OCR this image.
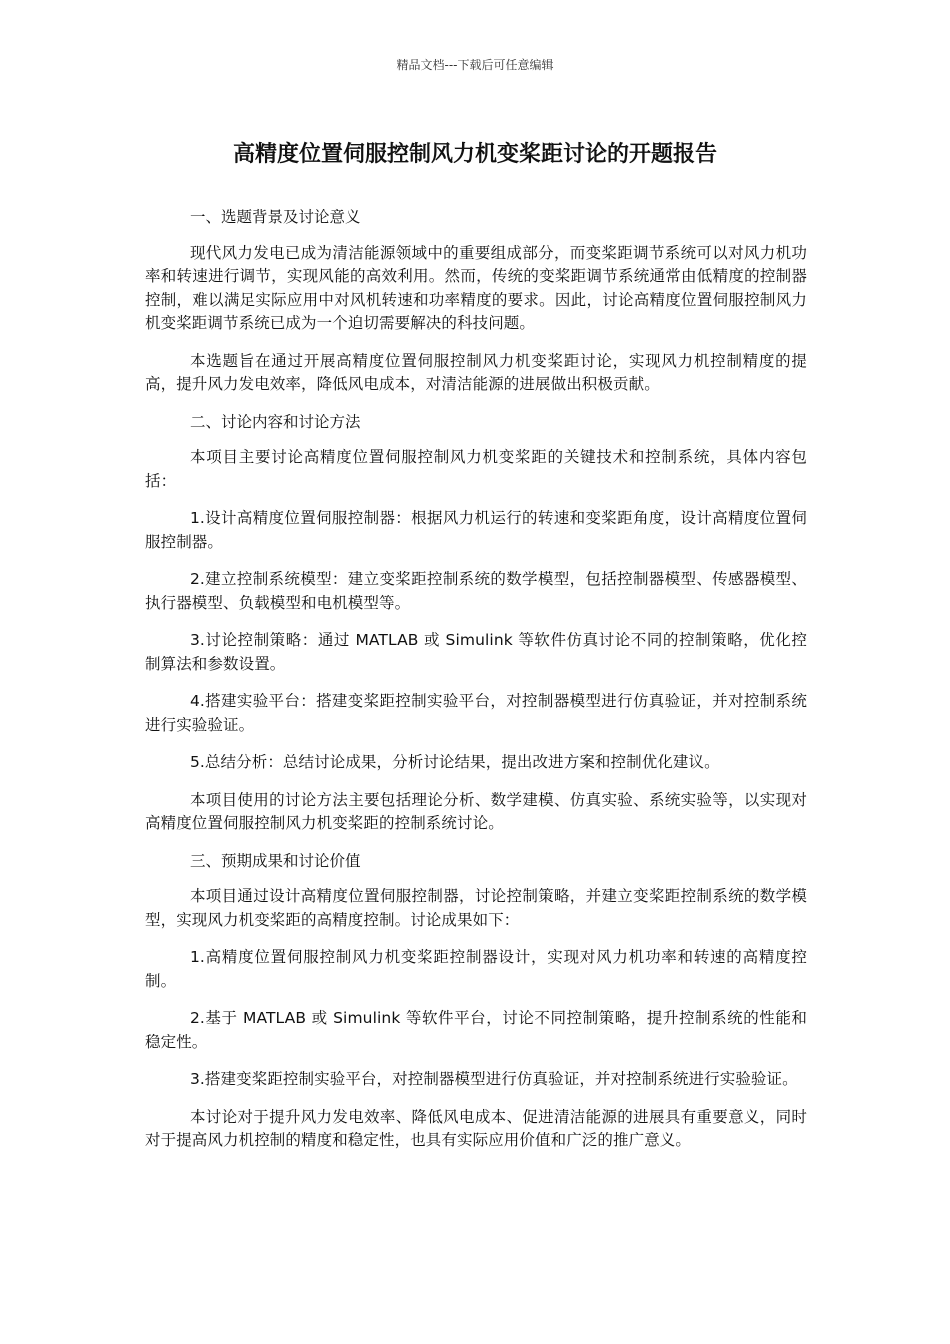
精品文档---下载后可任意编辑
高精度位置伺服控制风力机变桨距讨论的开题报告

一、选题背景及讨论意义

现代风力发电已成为清洁能源领域中的重要组成部分，而变桨距调节系统可以对风力机功率和转速进行调节，实现风能的高效利用。然而，传统的变桨距调节系统通常由低精度的控制器控制，难以满足实际应用中对风机转速和功率精度的要求。因此，讨论高精度位置伺服控制风力机变桨距调节系统已成为一个迫切需要解决的科技问题。

本选题旨在通过开展高精度位置伺服控制风力机变桨距讨论，实现风力机控制精度的提高，提升风力发电效率，降低风电成本，对清洁能源的进展做出积极贡献。

二、讨论内容和讨论方法

本项目主要讨论高精度位置伺服控制风力机变桨距的关键技术和控制系统，具体内容包括：

1.设计高精度位置伺服控制器：根据风力机运行的转速和变桨距角度，设计高精度位置伺服控制器。

2.建立控制系统模型：建立变桨距控制系统的数学模型，包括控制器模型、传感器模型、执行器模型、负载模型和电机模型等。

3.讨论控制策略：通过 MATLAB 或 Simulink 等软件仿真讨论不同的控制策略，优化控制算法和参数设置。

4.搭建实验平台：搭建变桨距控制实验平台，对控制器模型进行仿真验证，并对控制系统进行实验验证。

5.总结分析：总结讨论成果，分析讨论结果，提出改进方案和控制优化建议。

本项目使用的讨论方法主要包括理论分析、数学建模、仿真实验、系统实验等，以实现对高精度位置伺服控制风力机变桨距的控制系统讨论。

三、预期成果和讨论价值

本项目通过设计高精度位置伺服控制器，讨论控制策略，并建立变桨距控制系统的数学模型，实现风力机变桨距的高精度控制。讨论成果如下：

1.高精度位置伺服控制风力机变桨距控制器设计，实现对风力机功率和转速的高精度控制。

2.基于 MATLAB 或 Simulink 等软件平台，讨论不同控制策略，提升控制系统的性能和稳定性。

3.搭建变桨距控制实验平台，对控制器模型进行仿真验证，并对控制系统进行实验验证。

本讨论对于提升风力发电效率、降低风电成本、促进清洁能源的进展具有重要意义，同时对于提高风力机控制的精度和稳定性，也具有实际应用价值和广泛的推广意义。
